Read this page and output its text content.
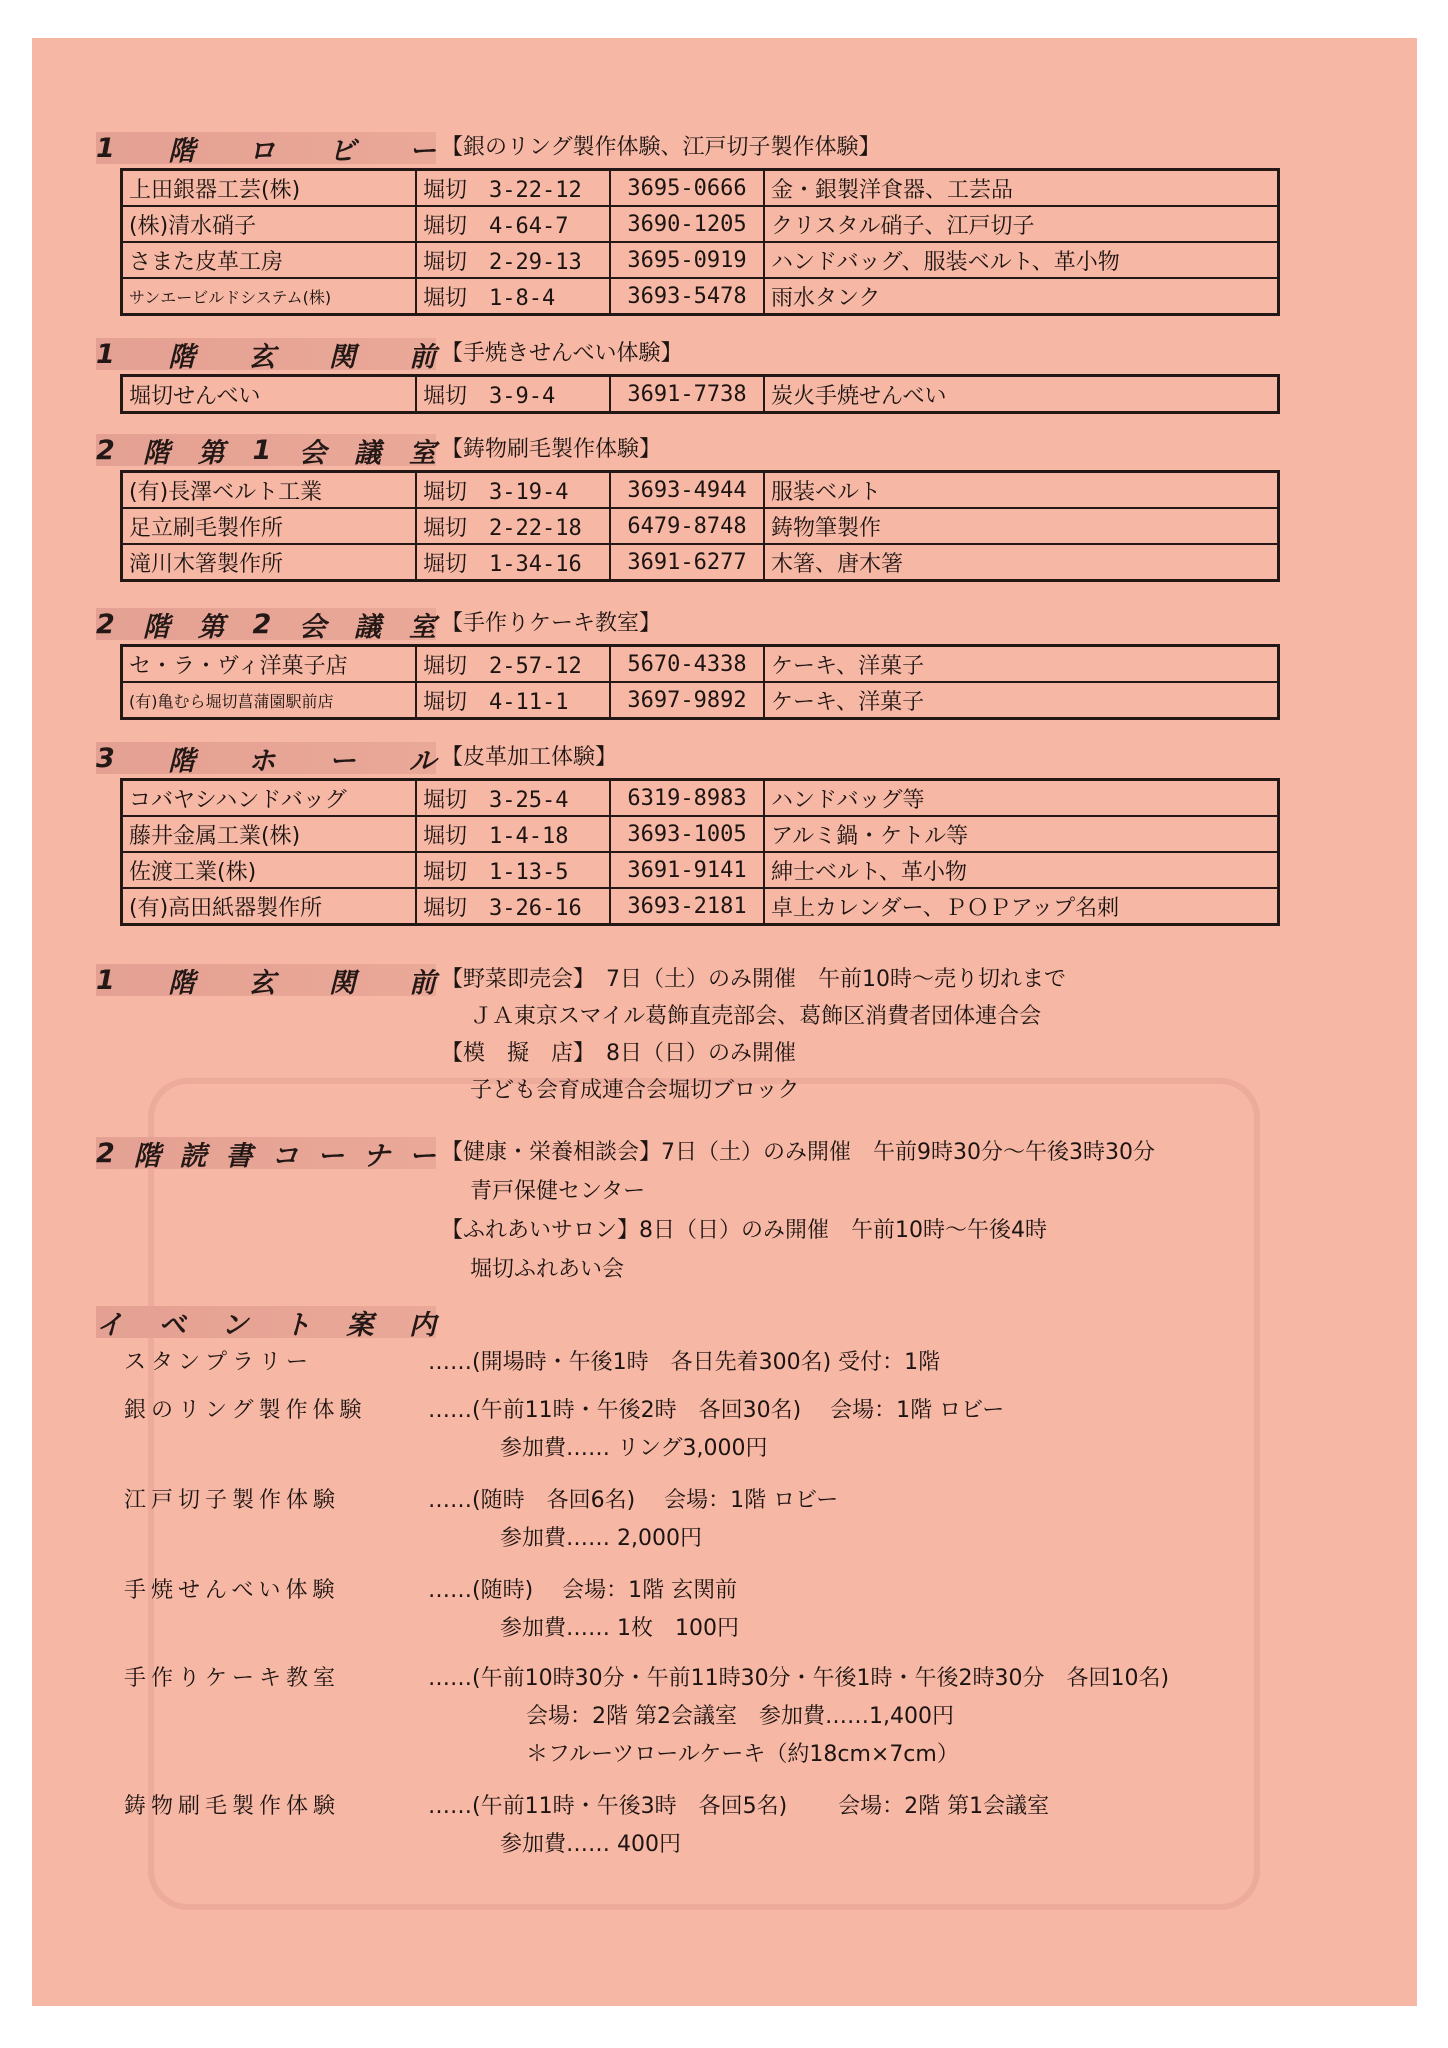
1 階 ロ ビ ー 【銀のリング製作体験、江戸切子製作体験】
上田銀器工芸(株)	堀切　3-22-12	3695-0666	金・銀製洋食器、工芸品
(株)清水硝子	堀切　4-64-7	3690-1205	クリスタル硝子、江戸切子
さまた皮革工房	堀切　2-29-13	3695-0919	ハンドバッグ、服装ベルト、革小物
サンエービルドシステム(株)	堀切　1-8-4	3693-5478	雨水タンク
1 階 玄 関 前 【手焼きせんべい体験】
堀切せんべい	堀切　3-9-4	3691-7738	炭火手焼せんべい
2 階 第 1 会 議 室 【鋳物刷毛製作体験】
(有)長澤ベルト工業	堀切　3-19-4	3693-4944	服装ベルト
足立刷毛製作所	堀切　2-22-18	6479-8748	鋳物筆製作
滝川木箸製作所	堀切　1-34-16	3691-6277	木箸、唐木箸
2 階 第 2 会 議 室 【手作りケーキ教室】
セ・ラ・ヴィ洋菓子店	堀切　2-57-12	5670-4338	ケーキ、洋菓子
(有)亀むら堀切菖蒲園駅前店	堀切　4-11-1	3697-9892	ケーキ、洋菓子
3 階 ホ ー ル 【皮革加工体験】
コバヤシハンドバッグ	堀切　3-25-4	6319-8983	ハンドバッグ等
藤井金属工業(株)	堀切　1-4-18	3693-1005	アルミ鍋・ケトル等
佐渡工業(株)	堀切　1-13-5	3691-9141	紳士ベルト、革小物
(有)高田紙器製作所	堀切　3-26-16	3693-2181	卓上カレンダー、ＰＯＰアップ名刺
1 階 玄 関 前 【野菜即売会】　7日（土）のみ開催　午前10時～売り切れまで
ＪＡ東京スマイル葛飾直売部会、葛飾区消費者団体連合会
【模　擬　店】　8日（日）のみ開催
子ども会育成連合会堀切ブロック
2 階 読 書 コ ー ナ ー 【健康・栄養相談会】7日（土）のみ開催　午前9時30分～午後3時30分
青戸保健センター
【ふれあいサロン】8日（日）のみ開催　午前10時～午後4時
堀切ふれあい会
イ ベ ン ト 案 内
スタンプラリー	……(開場時・午後1時　各日先着300名) 受付：1階
銀のリング製作体験	……(午前11時・午後2時　各回30名)　 会場：1階 ロビー
参加費…… リング3,000円
江戸切子製作体験	……(随時　各回6名)　 会場：1階 ロビー
参加費…… 2,000円
手焼せんべい体験	……(随時)　 会場：1階 玄関前
参加費…… 1枚　100円
手作りケーキ教室	……(午前10時30分・午前11時30分・午後1時・午後2時30分　各回10名)
会場：2階 第2会議室　参加費……1,400円
＊フルーツロールケーキ（約18cm×7cm）
鋳物刷毛製作体験	……(午前11時・午後3時　各回5名)　　 会場：2階 第1会議室
参加費…… 400円
